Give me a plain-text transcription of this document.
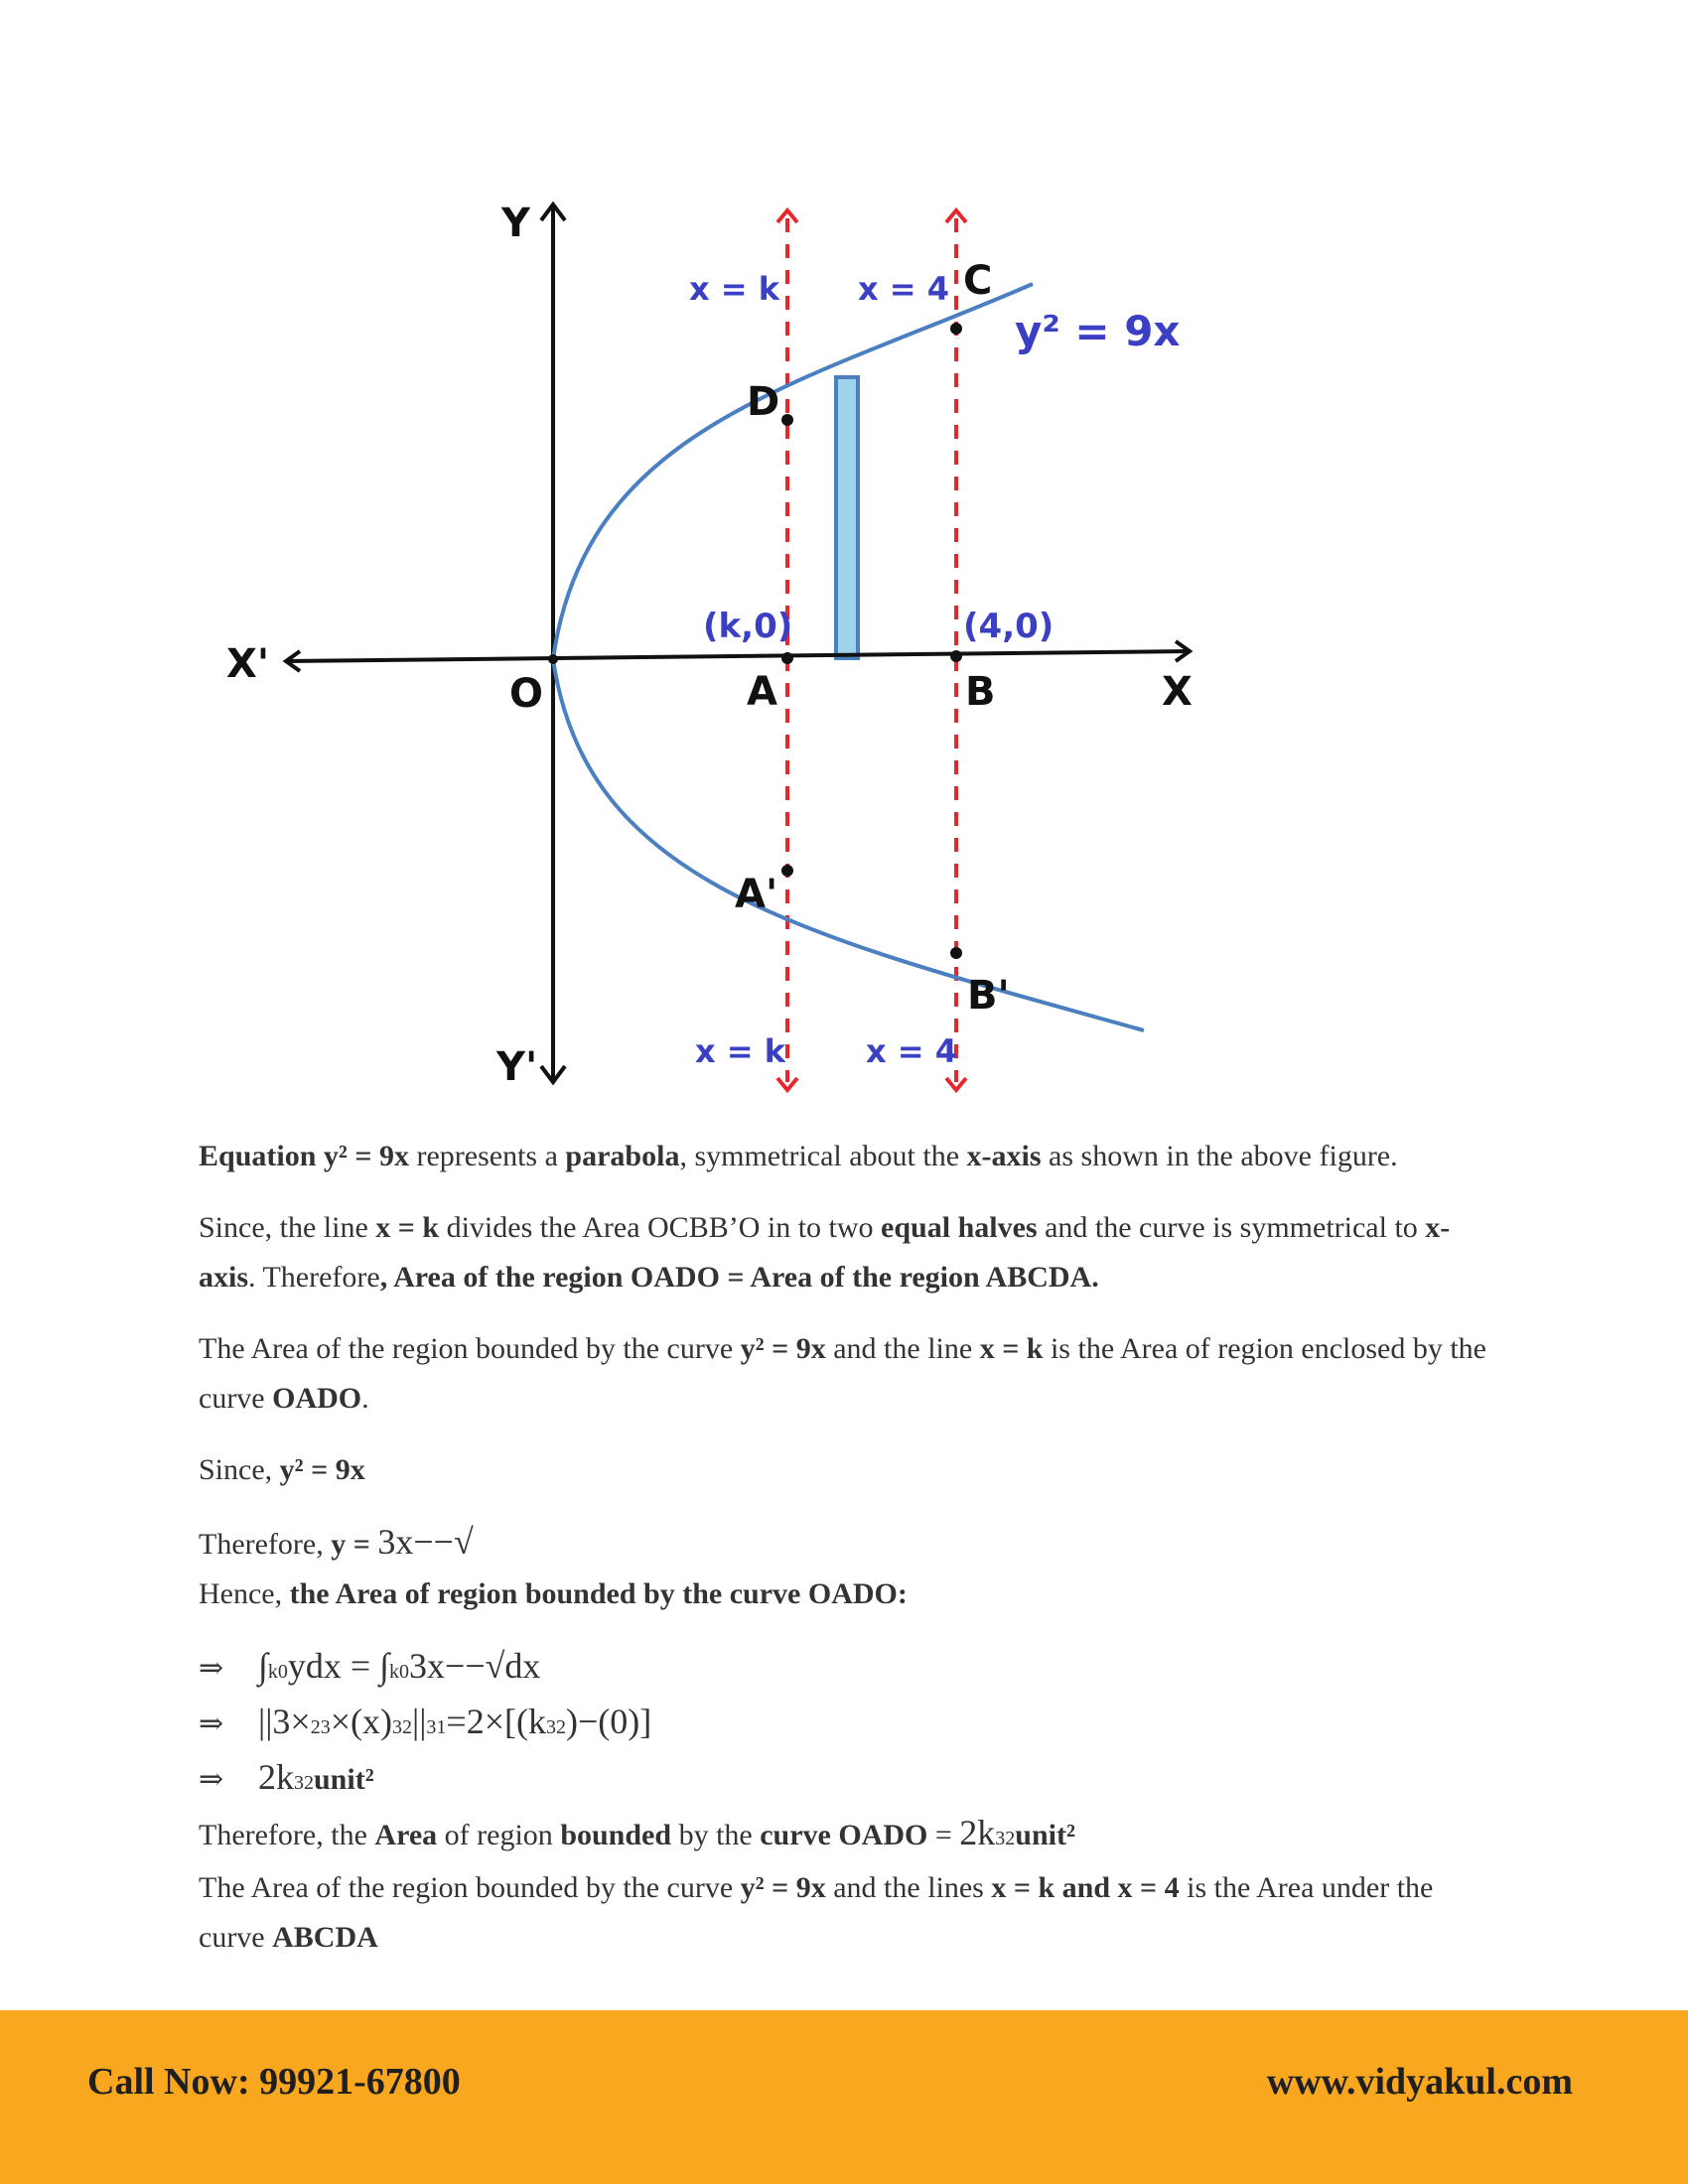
Y
Y'
X'
X
O
x = k x = 4
x = k	x = 4
y² = 9x
C
D
A	B
A'
B'
(k,0)	(4,0)

Equation y² = 9x represents a parabola, symmetrical about the x-axis as shown in the above figure.

Since, the line x = k divides the Area OCBB’O in to two equal halves and the curve is symmetrical to x-axis. Therefore, Area of the region OADO = Area of the region ABCDA.

The Area of the region bounded by the curve y² = 9x and the line x = k is the Area of region enclosed by the curve OADO.

Since, y² = 9x

Therefore, y = 3x−−√

Hence, the Area of region bounded by the curve OADO:

⇒ ∫k0ydx = ∫k03x−−√dx

⇒ ||3×23×(x)32||31=2×[(k32)−(0)]

⇒ 2k32unit²

Therefore, the Area of region bounded by the curve OADO = 2k32unit²

The Area of the region bounded by the curve y² = 9x and the lines x = k and x = 4 is the Area under the curve ABCDA

Call Now: 99921-67800	www.vidyakul.com
